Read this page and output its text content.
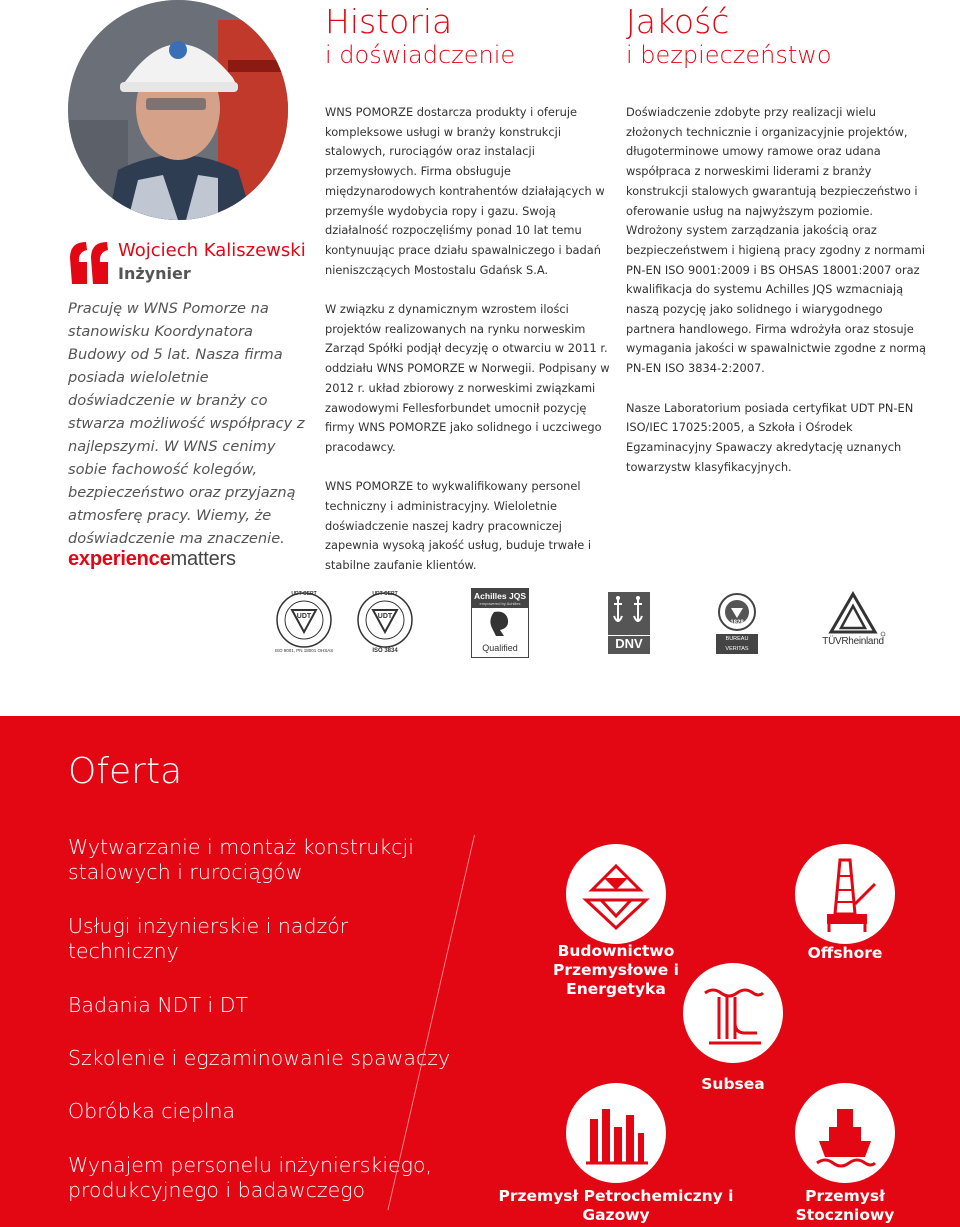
Historia
i doświadczenie
Jakość
i bezpieczeństwo
Wojciech Kaliszewski
Inżynier
Pracuję w WNS Pomorze na stanowisku Koordynatora Budowy od 5 lat. Nasza firma posiada wieloletnie doświadczenie w branży co stwarza możliwość współpracy z najlepszymi. W WNS cenimy sobie fachowość kolegów, bezpieczeństwo oraz przyjazną atmosferę pracy. Wiemy, że doświadczenie ma znaczenie.

WNS POMORZE dostarcza produkty i oferuje kompleksowe usługi w branży konstrukcji stalowych, rurociągów oraz instalacji przemysłowych. Firma obsługuje międzynarodowych kontrahentów działających w przemyśle wydobycia ropy i gazu. Swoją działalność rozpoczęliśmy ponad 10 lat temu kontynuując prace działu spawalniczego i badań nieniszczących Mostostalu Gdańsk S.A.

W związku z dynamicznym wzrostem ilości projektów realizowanych na rynku norweskim Zarząd Spółki podjął decyzję o otwarciu w 2011 r. oddziału WNS POMORZE w Norwegii. Podpisany w 2012 r. układ zbiorowy z norweskimi związkami zawodowymi Fellesforbundet umocnił pozycję firmy WNS POMORZE jako solidnego i uczciwego pracodawcy.

WNS POMORZE to wykwalifikowany personel techniczny i administracyjny. Wieloletnie doświadczenie naszej kadry pracowniczej zapewnia wysoką jakość usług, buduje trwałe i stabilne zaufanie klientów.

Doświadczenie zdobyte przy realizacji wielu złożonych technicznie i organizacyjnie projektów, długoterminowe umowy ramowe oraz udana współpraca z norweskimi liderami z branży konstrukcji stalowych gwarantują bezpieczeństwo i oferowanie usług na najwyższym poziomie. Wdrożony system zarządzania jakością oraz bezpieczeństwem i higieną pracy zgodny z normami PN-EN ISO 9001:2009 i BS OHSAS 18001:2007 oraz kwalifikacja do systemu Achilles JQS wzmacniają naszą pozycję jako solidnego i wiarygodnego partnera handlowego. Firma wdrożyła oraz stosuje wymagania jakości w spawalnictwie zgodne z normą PN-EN ISO 3834-2:2007.

Nasze Laboratorium posiada certyfikat UDT PN-EN ISO/IEC 17025:2005, a Szkoła i Ośrodek Egzaminacyjny Spawaczy akredytację uznanych towarzystw klasyfikacyjnych.

experiencematters
UDT
UDT-CERT
ISO 9001, PN 18001 OHSAS
UDT
UDT-CERT
ISO 3834
Achilles JQS
empowered by Achilles
Qualified	DNV
1828
BUREAU VERITAS
TÜVRheinland
Oferta
Wytwarzanie i montaż konstrukcji stalowych i rurociągów
Usługi inżynierskie i nadzór techniczny
Badania NDT i DT
Szkolenie i egzaminowanie spawaczy
Obróbka cieplna
Wynajem personelu inżynierskiego, produkcyjnego i badawczego
Budownictwo Przemysłowe i Energetyka
Offshore
Subsea
Przemysł Petrochemiczny i Gazowy
Przemysł Stoczniowy
